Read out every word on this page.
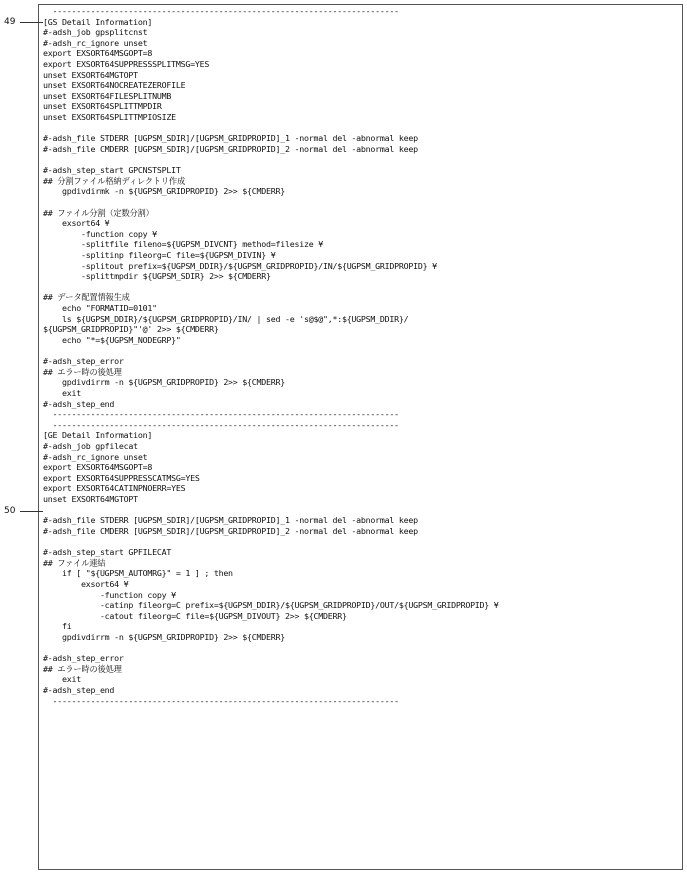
-------------------------------------------------------------------------
[GS Detail Information]
#-adsh_job gpsplitcnst
#-adsh_rc_ignore unset
export EXSORT64MSGOPT=8
export EXSORT64SUPPRESSSPLITMSG=YES
unset EXSORT64MGTOPT
unset EXSORT64NOCREATEZEROFILE
unset EXSORT64FILESPLITNUMB
unset EXSORT64SPLITTMPDIR
unset EXSORT64SPLITTMPIOSIZE
#-adsh_file STDERR [UGPSM_SDIR]/[UGPSM_GRIDPROPID]_1 -normal del -abnormal keep
#-adsh_file CMDERR [UGPSM_SDIR]/[UGPSM_GRIDPROPID]_2 -normal del -abnormal keep
#-adsh_step_start GPCNSTSPLIT
## 分割ファイル格納ディレクトリ作成
gpdivdirmk -n ${UGPSM_GRIDPROPID} 2>> ${CMDERR}
## ファイル分割（定数分割）
exsort64 ¥
-function copy ¥
-splitfile fileno=${UGPSM_DIVCNT} method=filesize ¥
-splitinp fileorg=C file=${UGPSM_DIVIN} ¥
-splitout prefix=${UGPSM_DDIR}/${UGPSM_GRIDPROPID}/IN/${UGPSM_GRIDPROPID} ¥
-splittmpdir ${UGPSM_SDIR} 2>> ${CMDERR}
## データ配置情報生成
echo "FORMATID=0101"
ls ${UGPSM_DDIR}/${UGPSM_GRIDPROPID}/IN/ | sed -e 's@$@",*:${UGPSM_DDIR}/
${UGPSM_GRIDPROPID}"'@' 2>> ${CMDERR}
echo "*=${UGPSM_NODEGRP}"
#-adsh_step_error
## エラー時の後処理
gpdivdirrm -n ${UGPSM_GRIDPROPID} 2>> ${CMDERR}
exit
#-adsh_step_end
-------------------------------------------------------------------------
-------------------------------------------------------------------------
[GE Detail Information]
#-adsh_job gpfilecat
#-adsh_rc_ignore unset
export EXSORT64MSGOPT=8
export EXSORT64SUPPRESSCATMSG=YES
export EXSORT64CATINPNOERR=YES
unset EXSORT64MGTOPT
#-adsh_file STDERR [UGPSM_SDIR]/[UGPSM_GRIDPROPID]_1 -normal del -abnormal keep
#-adsh_file CMDERR [UGPSM_SDIR]/[UGPSM_GRIDPROPID]_2 -normal del -abnormal keep
#-adsh_step_start GPFILECAT
## ファイル連結
if [ "${UGPSM_AUTOMRG}" = 1 ] ; then
exsort64 ¥
-function copy ¥
-catinp fileorg=C prefix=${UGPSM_DDIR}/${UGPSM_GRIDPROPID}/OUT/${UGPSM_GRIDPROPID} ¥
-catout fileorg=C file=${UGPSM_DIVOUT} 2>> ${CMDERR}
fi
gpdivdirrm -n ${UGPSM_GRIDPROPID} 2>> ${CMDERR}
#-adsh_step_error
## エラー時の後処理
exit
#-adsh_step_end
-------------------------------------------------------------------------
49
50
